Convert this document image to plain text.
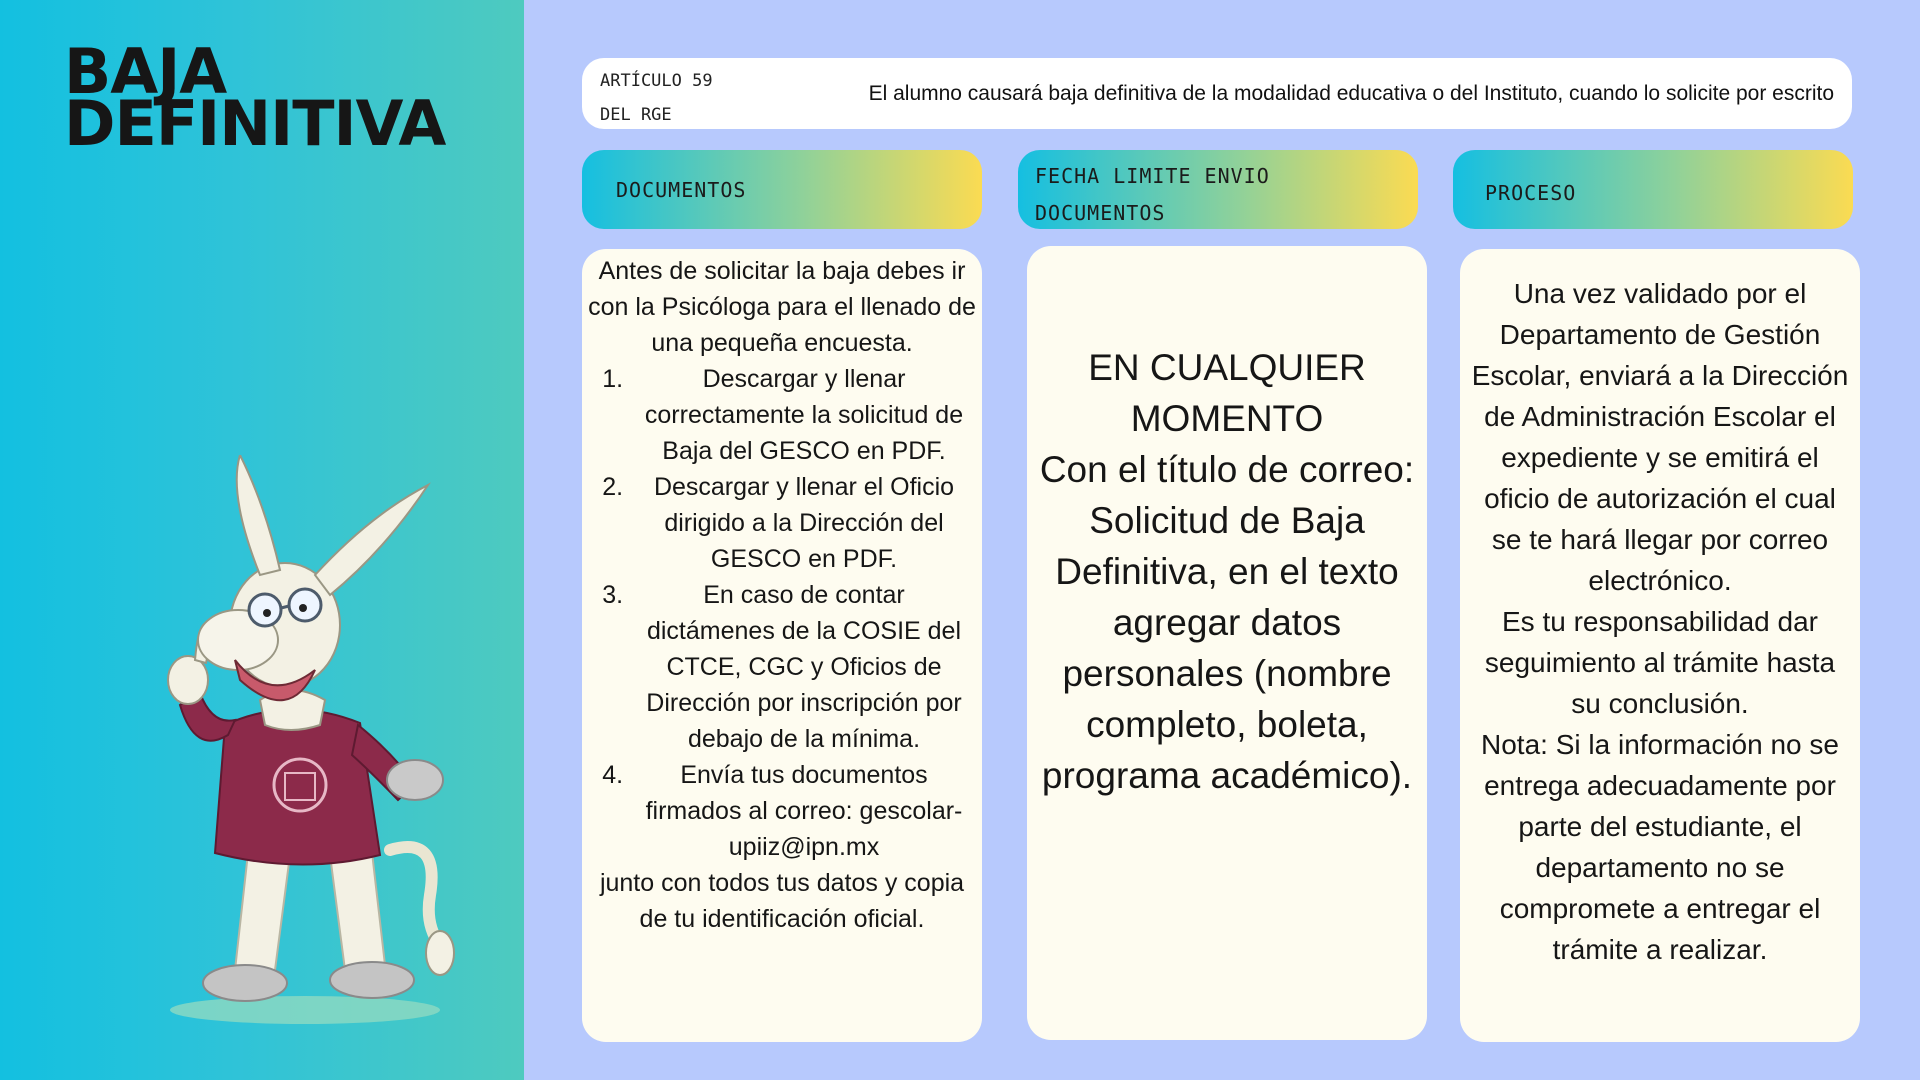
BAJA
DEFINITIVA
ARTÍCULO 59
DEL RGE
El alumno causará baja definitiva de la modalidad educativa o del Instituto, cuando lo solicite por escrito
DOCUMENTOS
FECHA LIMITE ENVIO
DOCUMENTOS
PROCESO

Antes de solicitar la baja debes ir con la Psicóloga para el llenado de una pequeña encuesta.

1. Descargar y llenar correctamente la solicitud de Baja del GESCO en PDF.
2. Descargar y llenar el Oficio dirigido a la Dirección del GESCO en PDF.
3. En caso de contar dictámenes de la COSIE del CTCE, CGC y Oficios de Dirección por inscripción por debajo de la mínima.
4. Envía tus documentos firmados al correo: gescolar-upiiz@ipn.mx

junto con todos tus datos y copia de tu identificación oficial.

EN CUALQUIER MOMENTO

Con el título de correo: Solicitud de Baja Definitiva, en el texto agregar datos personales (nombre completo, boleta, programa académico).

Una vez validado por el Departamento de Gestión Escolar, enviará a la Dirección de Administración Escolar el expediente y se emitirá el oficio de autorización el cual se te hará llegar por correo electrónico.

Es tu responsabilidad dar seguimiento al trámite hasta su conclusión.

Nota: Si la información no se entrega adecuadamente por parte del estudiante, el departamento no se compromete a entregar el trámite a realizar.
